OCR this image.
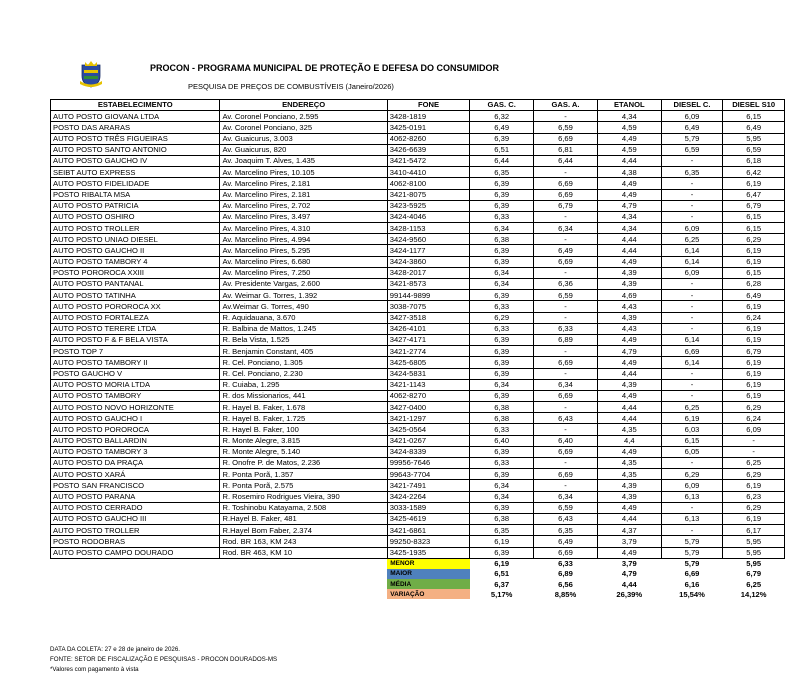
PROCON - PROGRAMA MUNICIPAL DE PROTEÇÃO E DEFESA DO CONSUMIDOR
PESQUISA DE PREÇOS DE COMBUSTÍVEIS (Janeiro/2026)
ESTABELECIMENTO	ENDEREÇO	FONE	GAS. C.	GAS. A.	ETANOL	DIESEL C.	DIESEL S10
AUTO POSTO GIOVANA LTDA	Av. Coronel Ponciano, 2.595	3428-1819	6,32	-	4,34	6,09	6,15
POSTO DAS ARARAS	Av. Coronel Ponciano, 325	3425-0191	6,49	6,59	4,59	6,49	6,49
AUTO POSTO TRÊS FIGUEIRAS	Av. Guaicurus, 3.003	4062-8260	6,39	6,69	4,49	5,79	5,95
AUTO POSTO SANTO ANTONIO	Av. Guaicurus, 820	3426-6639	6,51	6,81	4,59	6,59	6,59
AUTO POSTO GAUCHO IV	Av. Joaquim T. Alves, 1.435	3421-5472	6,44	6,44	4,44	-	6,18
SEIBT AUTO EXPRESS	Av. Marcelino Pires, 10.105	3410-4410	6,35	-	4,38	6,35	6,42
AUTO POSTO FIDELIDADE	Av. Marcelino Pires, 2.181	4062-8100	6,39	6,69	4,49	-	6,19
POSTO RIBALTA MSA	Av. Marcelino Pires, 2.181	3421-8075	6,39	6,69	4,49	-	6,47
AUTO POSTO PATRICIA	Av. Marcelino Pires, 2.702	3423-5925	6,39	6,79	4,79	-	6,79
AUTO POSTO OSHIRO	Av. Marcelino Pires, 3.497	3424-4046	6,33	-	4,34	-	6,15
AUTO POSTO TROLLER	Av. Marcelino Pires, 4.310	3428-1153	6,34	6,34	4,34	6,09	6,15
AUTO POSTO UNIAO DIESEL	Av. Marcelino Pires, 4.994	3424-9560	6,38	-	4,44	6,25	6,29
AUTO POSTO GAUCHO II	Av. Marcelino Pires, 5.295	3424-1177	6,39	6,49	4,44	6,14	6,19
AUTO POSTO TAMBORY 4	Av. Marcelino Pires, 6.680	3424-3860	6,39	6,69	4,49	6,14	6,19
POSTO POROROCA XXIII	Av. Marcelino Pires, 7.250	3428-2017	6,34	-	4,39	6,09	6,15
AUTO POSTO PANTANAL	Av. Presidente Vargas, 2.600	3421-8573	6,34	6,36	4,39	-	6,28
AUTO POSTO TATINHA	Av. Weimar G. Torres, 1.392	99144-9899	6,39	6,59	4,69	-	6,49
AUTO POSTO POROROCA XX	Av.Weimar G. Torres, 490	3038-7075	6,33	-	4,43	-	6,19
AUTO POSTO FORTALEZA	R. Aquidauana, 3.670	3427-3518	6,29	-	4,39	-	6,24
AUTO POSTO TERERE LTDA	R. Balbina de Mattos, 1.245	3426-4101	6,33	6,33	4,43	-	6,19
AUTO POSTO F & F BELA VISTA	R. Bela Vista, 1.525	3427-4171	6,39	6,89	4,49	6,14	6,19
POSTO TOP 7	R. Benjamin Constant, 405	3421-2774	6,39	-	4,79	6,69	6,79
AUTO POSTO TAMBORY II	R. Cel. Ponciano, 1.305	3425-6805	6,39	6,69	4,49	6,14	6,19
POSTO GAUCHO V	R. Cel. Ponciano, 2.230	3424-5831	6,39	-	4,44	-	6,19
AUTO POSTO MORIA LTDA	R. Cuiaba, 1.295	3421-1143	6,34	6,34	4,39	-	6,19
AUTO POSTO TAMBORY	R. dos Missionarios, 441	4062-8270	6,39	6,69	4,49	-	6,19
AUTO POSTO NOVO HORIZONTE	R. Hayel B. Faker, 1.678	3427-0400	6,38	-	4,44	6,25	6,29
AUTO POSTO GAUCHO I	R. Hayel B. Faker, 1.725	3421-1297	6,38	6,43	4,44	6,19	6,24
AUTO POSTO POROROCA	R. Hayel B. Faker, 100	3425-0564	6,33	-	4,35	6,03	6,09
AUTO POSTO BALLARDIN	R. Monte Alegre, 3.815	3421-0267	6,40	6,40	4,4	6,15	-
AUTO POSTO TAMBORY 3	R. Monte Alegre, 5.140	3424-8339	6,39	6,69	4,49	6,05	-
AUTO POSTO DA PRAÇA	R. Onofre P. de Matos, 2.236	99956-7646	6,33	-	4,35	-	6,25
AUTO POSTO XARÁ	R. Ponta Porã, 1.357	99643-7704	6,39	6,69	4,35	6,29	6,29
POSTO SAN FRANCISCO	R. Ponta Porã, 2.575	3421-7491	6,34	-	4,39	6,09	6,19
AUTO POSTO PARANA	R. Rosemiro Rodrigues Vieira, 390	3424-2264	6,34	6,34	4,39	6,13	6,23
AUTO POSTO CERRADO	R. Toshinobu Katayama, 2.508	3033-1589	6,39	6,59	4,49	-	6,29
AUTO POSTO GAUCHO III	R.Hayel B. Faker, 481	3425-4619	6,38	6,43	4,44	6,13	6,19
AUTO POSTO TROLLER	R.Hayel Bom Faber, 2.374	3421-6861	6,35	6,35	4,37	-	6,17
POSTO RODOBRAS	Rod. BR 163, KM 243	99250-8323	6,19	6,49	3,79	5,79	5,95
AUTO POSTO CAMPO DOURADO	Rod. BR 463, KM 10	3425-1935	6,39	6,69	4,49	5,79	5,95
		MENOR	6,19	6,33	3,79	5,79	5,95
		MAIOR	6,51	6,89	4,79	6,69	6,79
		MÉDIA	6,37	6,56	4,44	6,16	6,25
		VARIAÇÃO	5,17%	8,85%	26,39%	15,54%	14,12%
DATA DA COLETA: 27 e 28 de janeiro de 2026.
FONTE: SETOR DE FISCALIZAÇÃO E PESQUISAS - PROCON DOURADOS-MS
*Valores com pagamento à vista
